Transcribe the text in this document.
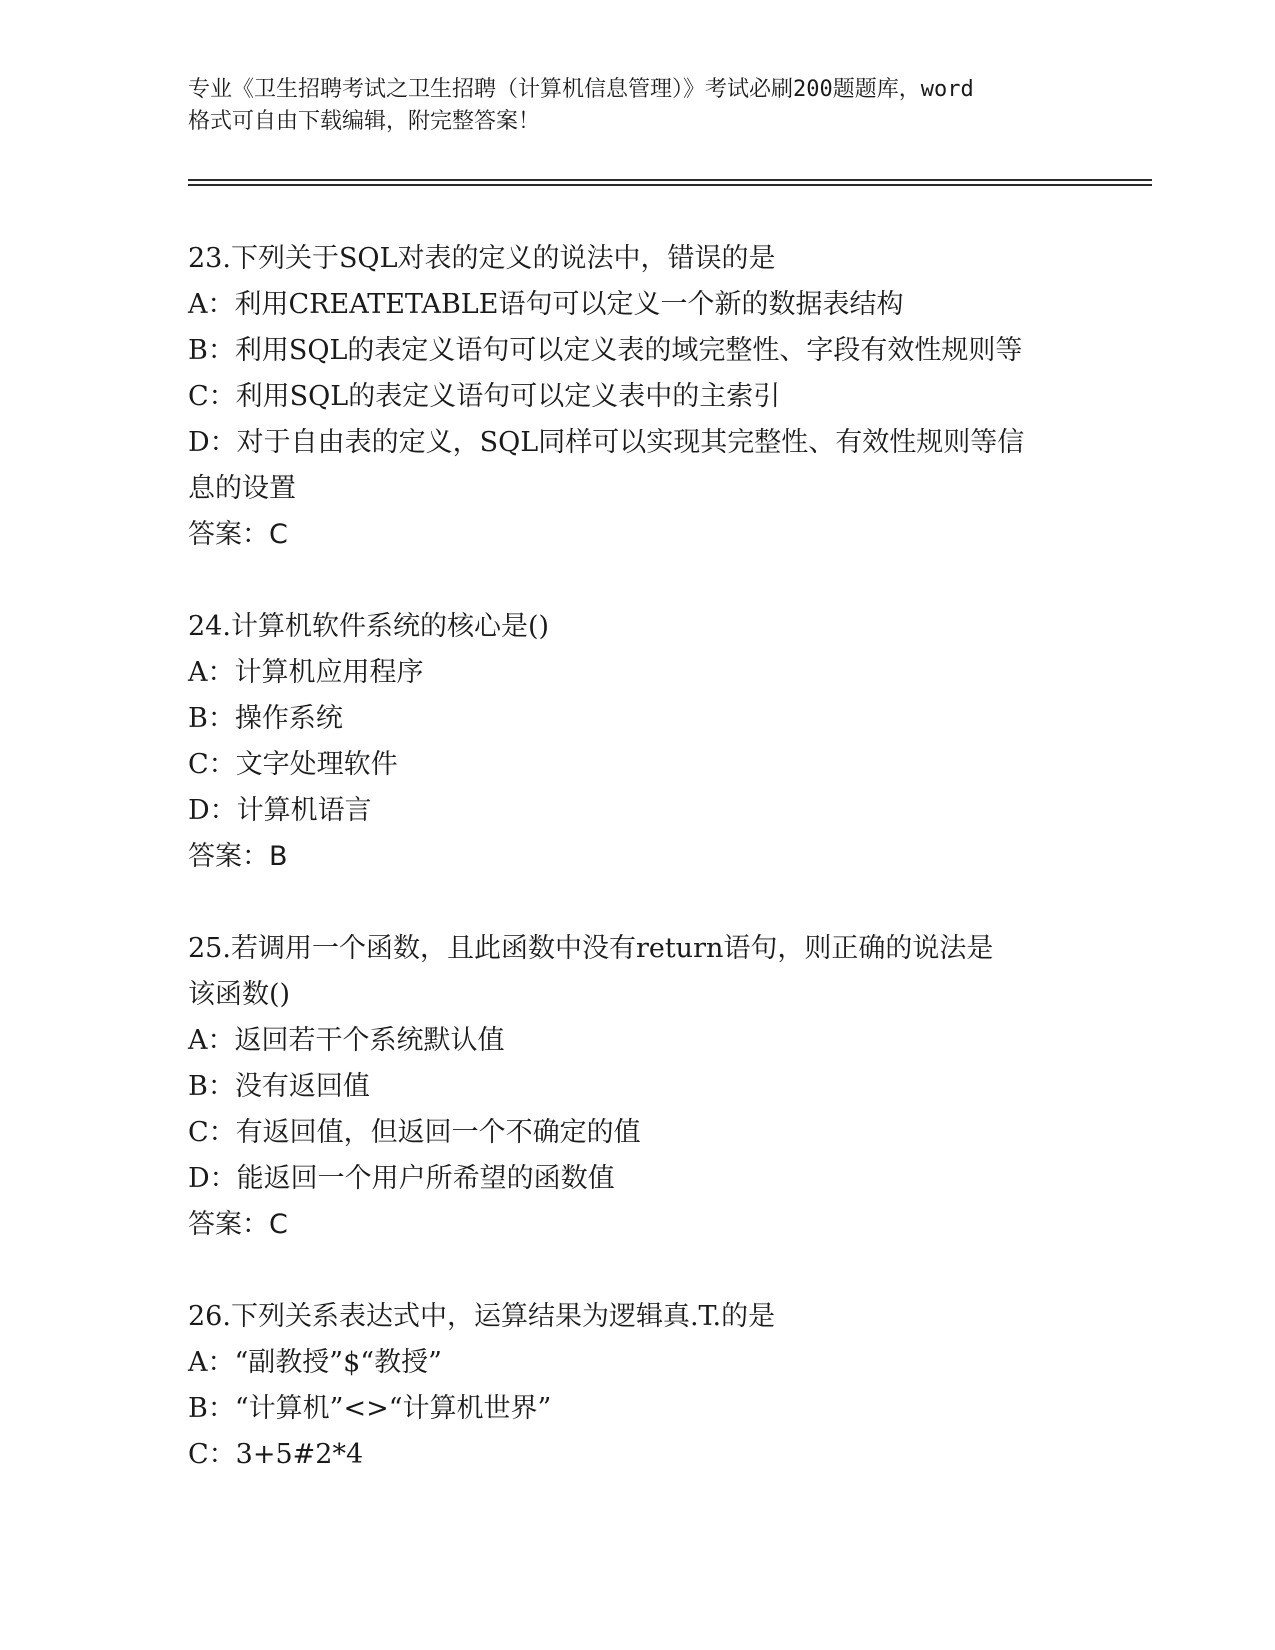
专业《卫生招聘考试之卫生招聘（计算机信息管理）》考试必刷200题题库，word
格式可自由下载编辑，附完整答案！
23.下列关于SQL对表的定义的说法中，错误的是
A：利用CREATETABLE语句可以定义一个新的数据表结构
B：利用SQL的表定义语句可以定义表的域完整性、字段有效性规则等
C：利用SQL的表定义语句可以定义表中的主索引
D：对于自由表的定义，SQL同样可以实现其完整性、有效性规则等信
息的设置
答案：C
24.计算机软件系统的核心是()
A：计算机应用程序
B：操作系统
C：文字处理软件
D：计算机语言
答案：B
25.若调用一个函数，且此函数中没有return语句，则正确的说法是
该函数()
A：返回若干个系统默认值
B：没有返回值
C：有返回值，但返回一个不确定的值
D：能返回一个用户所希望的函数值
答案：C
26.下列关系表达式中，运算结果为逻辑真.T.的是
A：“副教授”$“教授”
B：“计算机”<>“计算机世界”
C：3+5#2*4
